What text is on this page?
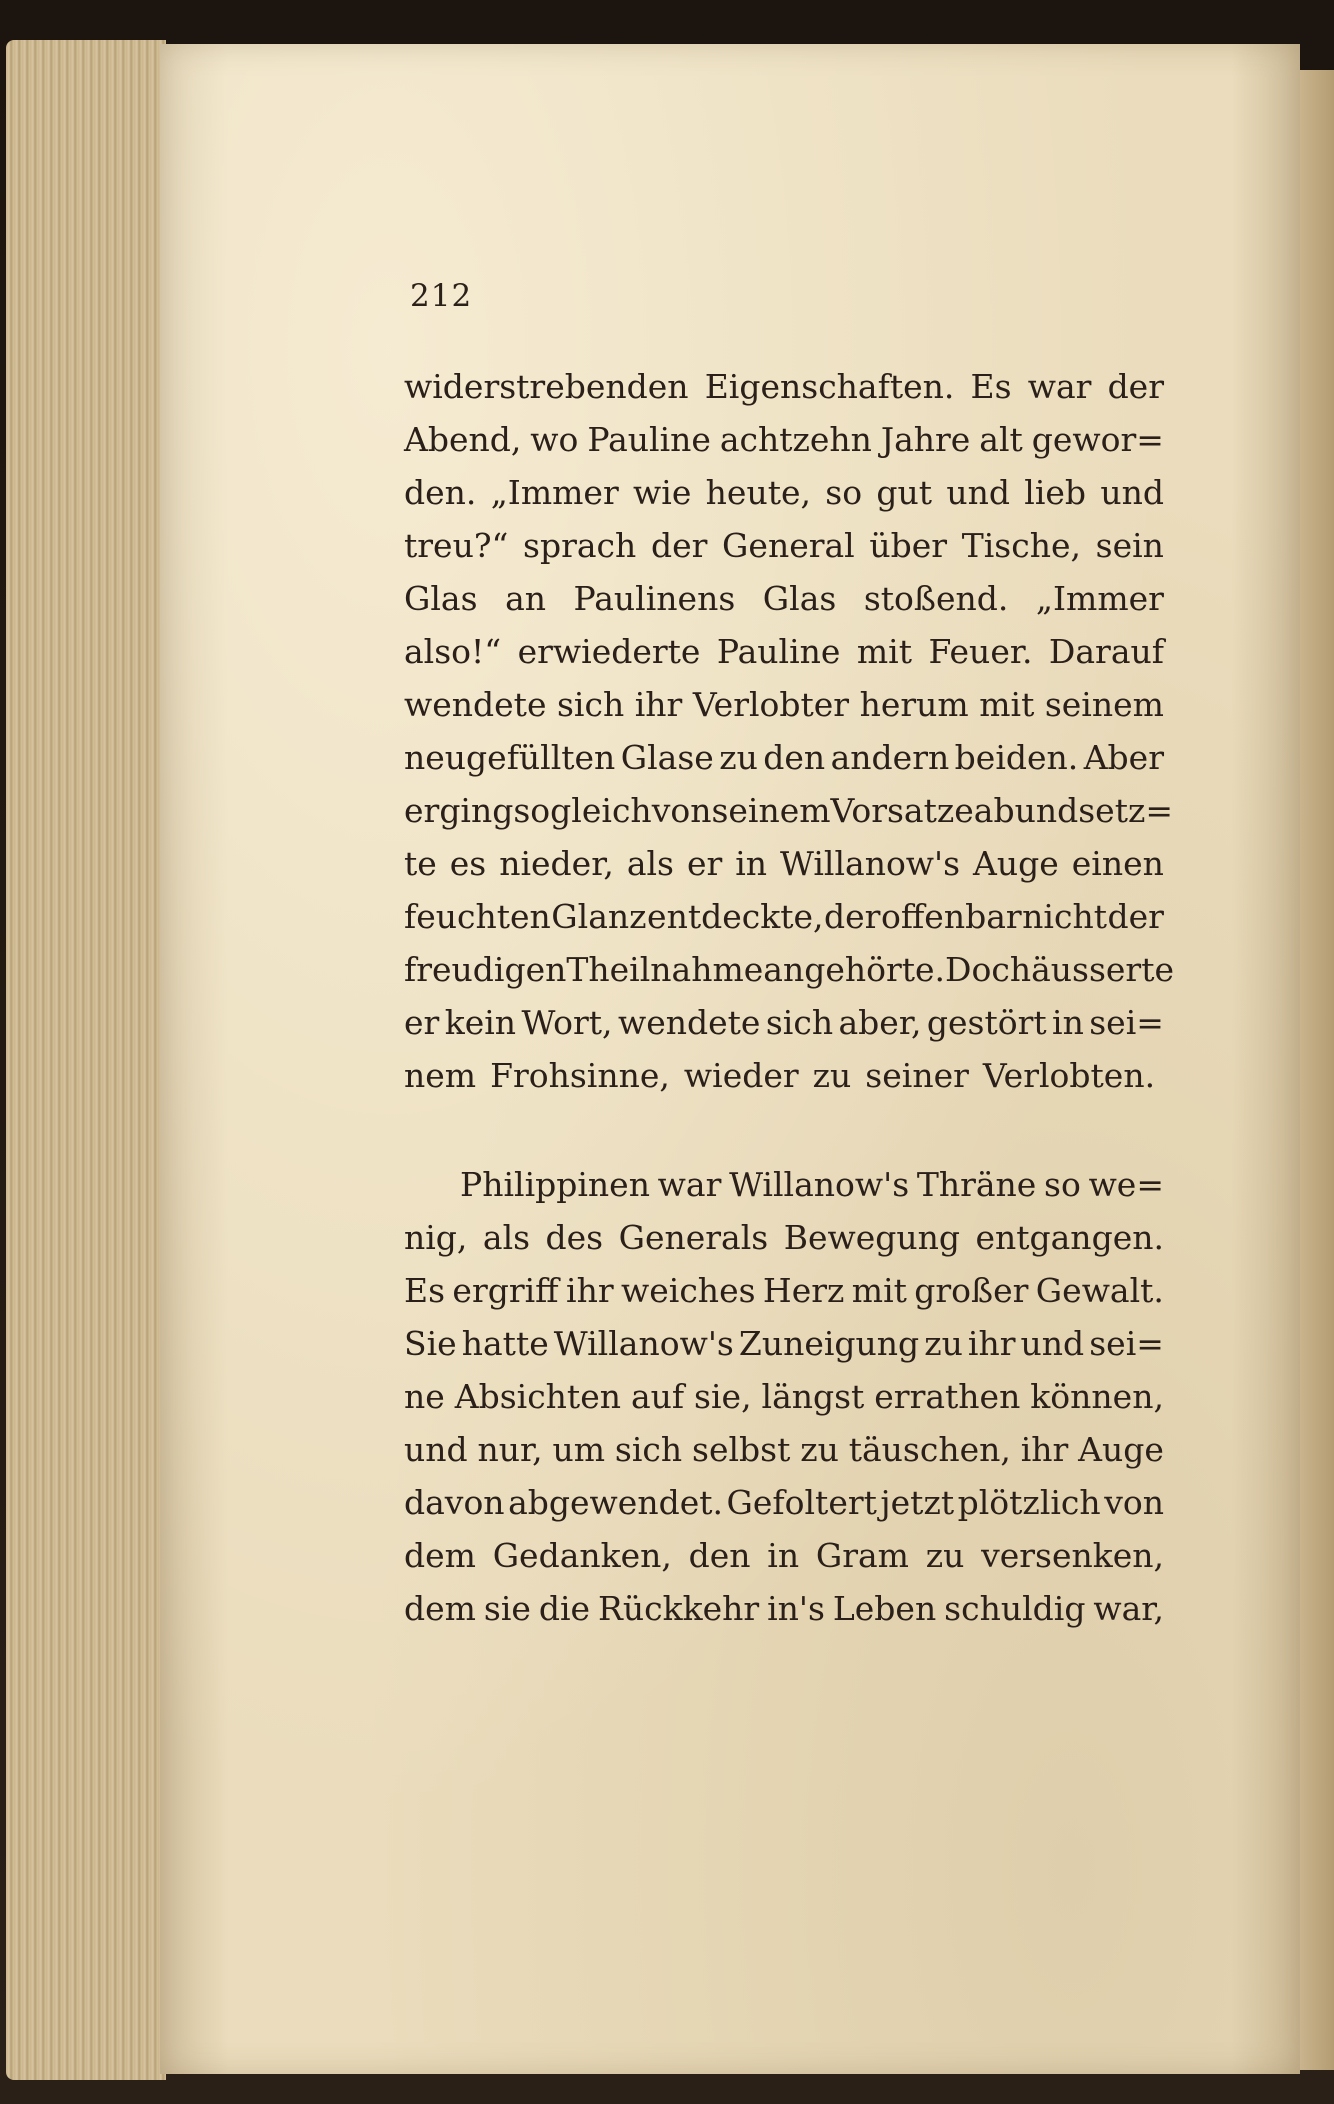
212
widerstrebenden Eigenschaften. Es war der
Abend, wo Pauline achtzehn Jahre alt gewor=
den. „Immer wie heute, so gut und lieb und
treu?“ sprach der General über Tische, sein
Glas an Paulinens Glas stoßend. „Immer
also!“ erwiederte Pauline mit Feuer. Darauf
wendete sich ihr Verlobter herum mit seinem
neugefüllten Glase zu den andern beiden. Aber
er ging sogleich von seinem Vorsatze ab und setz=
te es nieder, als er in Willanow's Auge einen
feuchten Glanz entdeckte, der offenbar nicht der
freudigen Theilnahme angehörte. Doch äusserte
er kein Wort, wendete sich aber, gestört in sei=
nem Frohsinne, wieder zu seiner Verlobten.
Philippinen war Willanow's Thräne so we=
nig, als des Generals Bewegung entgangen.
Es ergriff ihr weiches Herz mit großer Gewalt.
Sie hatte Willanow's Zuneigung zu ihr und sei=
ne Absichten auf sie, längst errathen können,
und nur, um sich selbst zu täuschen, ihr Auge
davon abgewendet. Gefoltert jetzt plötzlich von
dem Gedanken, den in Gram zu versenken,
dem sie die Rückkehr in's Leben schuldig war,
